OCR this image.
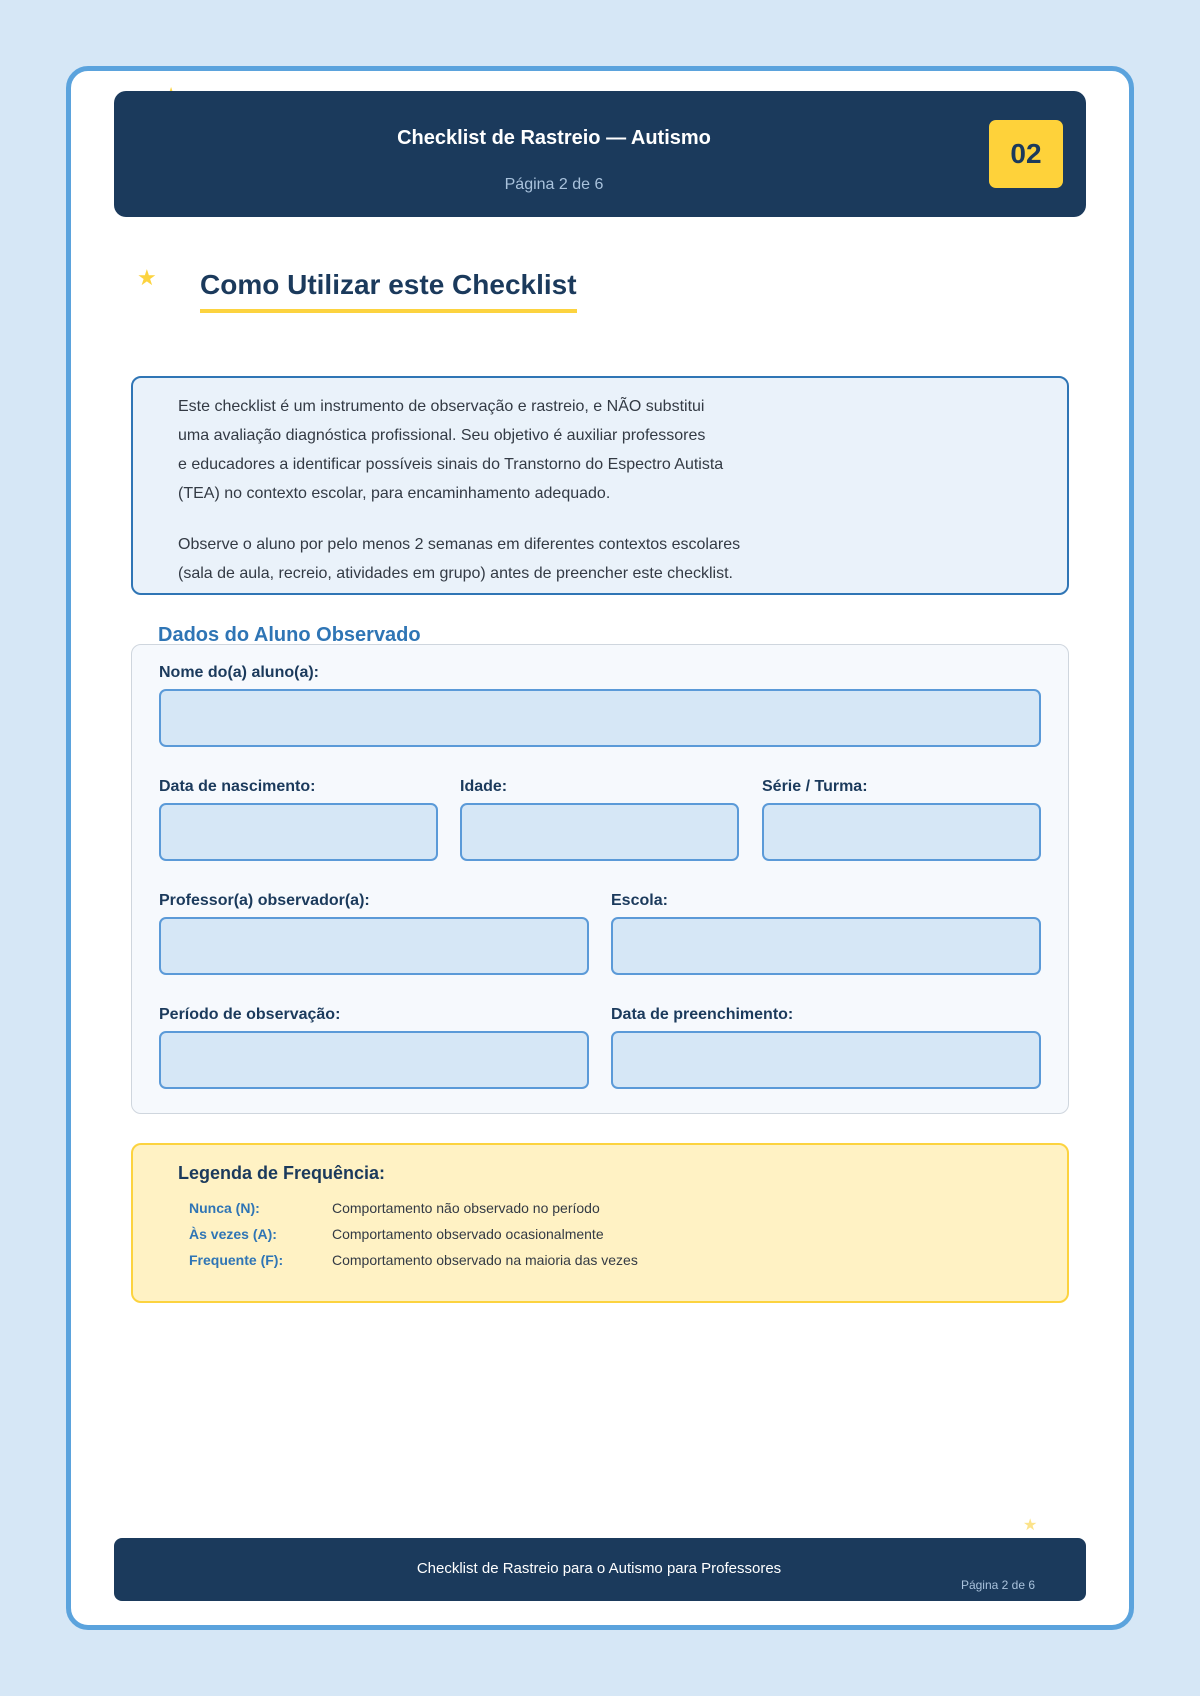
Checklist de Rastreio — Autismo
Página 2 de 6
02
★ Como Utilizar este Checklist

Este checklist é um instrumento de observação e rastreio, e NÃO substitui
uma avaliação diagnóstica profissional. Seu objetivo é auxiliar professores
e educadores a identificar possíveis sinais do Transtorno do Espectro Autista
(TEA) no contexto escolar, para encaminhamento adequado.

Observe o aluno por pelo menos 2 semanas em diferentes contextos escolares
(sala de aula, recreio, atividades em grupo) antes de preencher este checklist.

Dados do Aluno Observado
Nome do(a) aluno(a):
Data de nascimento:	Idade:	Série / Turma:
Professor(a) observador(a):	Escola:
Período de observação:	Data de preenchimento:
Legenda de Frequência:
Nunca (N):	Comportamento não observado no período
Às vezes (A):	Comportamento observado ocasionalmente
Frequente (F):	Comportamento observado na maioria das vezes
★
Checklist de Rastreio para o Autismo para Professores
Página 2 de 6
